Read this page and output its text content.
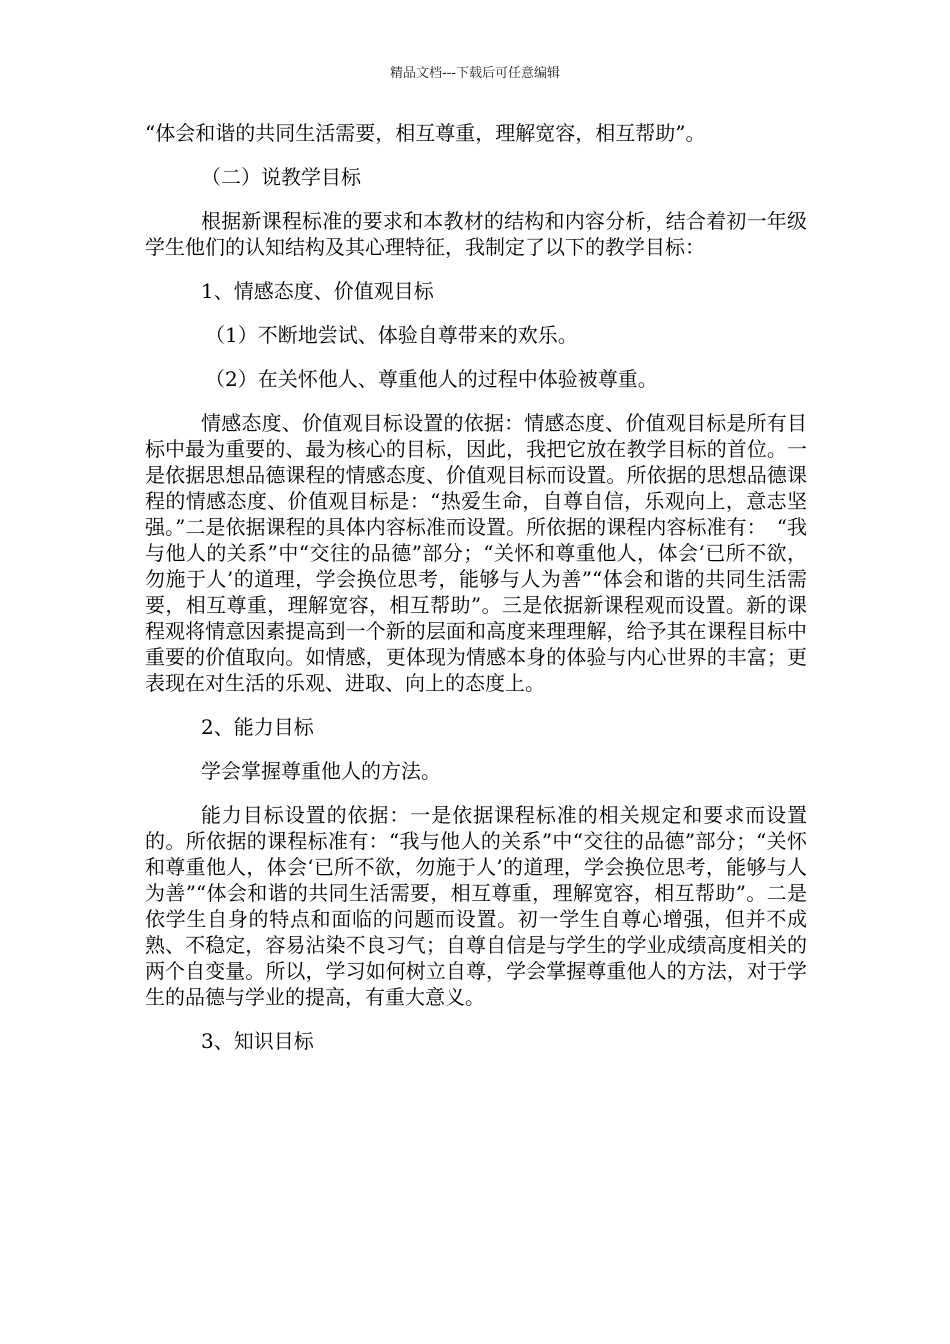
精品文档---下载后可任意编辑

“体会和谐的共同生活需要，相互尊重，理解宽容，相互帮助”。

（二）说教学目标

根据新课程标准的要求和本教材的结构和内容分析，结合着初一年级学生他们的认知结构及其心理特征，我制定了以下的教学目标：

1、情感态度、价值观目标

（1）不断地尝试、体验自尊带来的欢乐。

（2）在关怀他人、尊重他人的过程中体验被尊重。

情感态度、价值观目标设置的依据：情感态度、价值观目标是所有目标中最为重要的、最为核心的目标，因此，我把它放在教学目标的首位。一是依据思想品德课程的情感态度、价值观目标而设置。所依据的思想品德课程的情感态度、价值观目标是：“热爱生命，自尊自信，乐观向上，意志坚强。”二是依据课程的具体内容标准而设置。所依据的课程内容标准有：　“我与他人的关系”中“交往的品德”部分；“关怀和尊重他人，体会‘已所不欲，勿施于人’的道理，学会换位思考，能够与人为善”“体会和谐的共同生活需要，相互尊重，理解宽容，相互帮助”。三是依据新课程观而设置。新的课程观将情意因素提高到一个新的层面和高度来理理解，给予其在课程目标中重要的价值取向。如情感，更体现为情感本身的体验与内心世界的丰富；更表现在对生活的乐观、进取、向上的态度上。

2、能力目标

学会掌握尊重他人的方法。

能力目标设置的依据：一是依据课程标准的相关规定和要求而设置的。所依据的课程标准有：“我与他人的关系”中“交往的品德”部分；“关怀和尊重他人，体会‘已所不欲，勿施于人’的道理，学会换位思考，能够与人为善”“体会和谐的共同生活需要，相互尊重，理解宽容，相互帮助”。二是依学生自身的特点和面临的问题而设置。初一学生自尊心增强，但并不成熟、不稳定，容易沾染不良习气；自尊自信是与学生的学业成绩高度相关的两个自变量。所以，学习如何树立自尊，学会掌握尊重他人的方法，对于学生的品德与学业的提高，有重大意义。

3、知识目标
